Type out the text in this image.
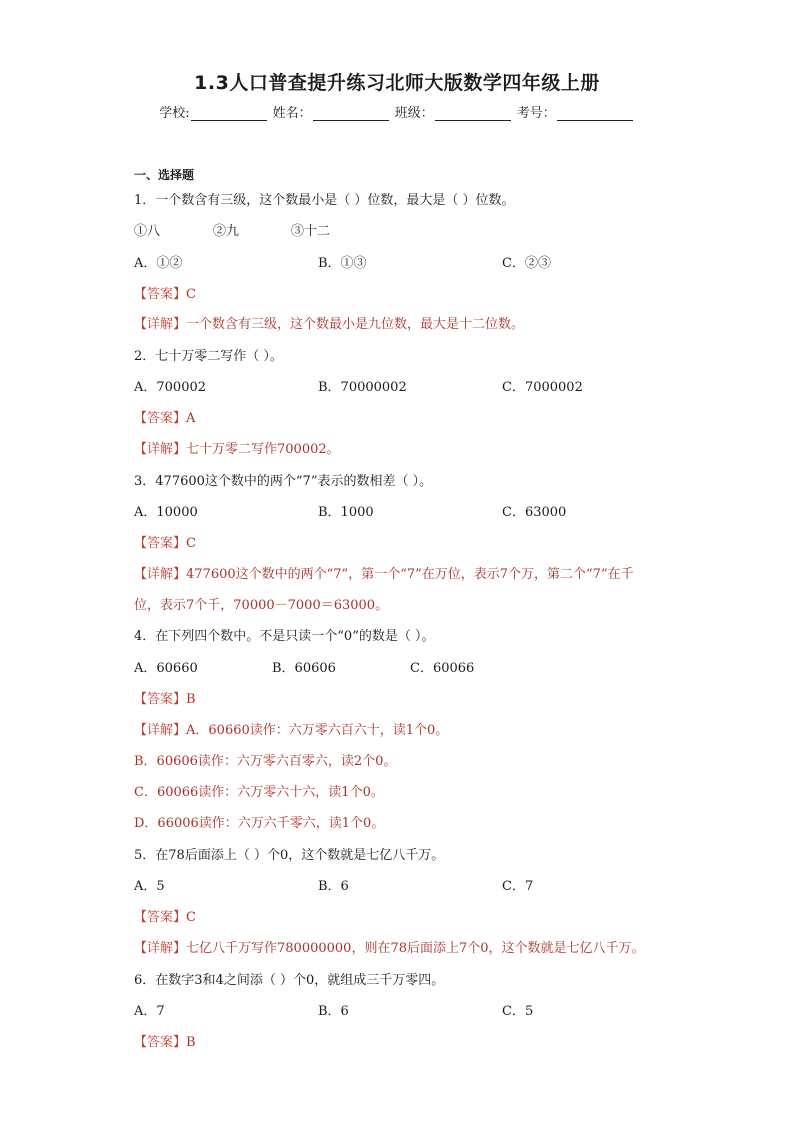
1.3人口普查提升练习北师大版数学四年级上册
学校:	姓名：	班级：	考号：
一、选择题
1．一个数含有三级，这个数最小是（ ）位数，最大是（ ）位数。
①八	②九	③十二
A．①②	B．①③	C．②③
【答案】C
【详解】一个数含有三级，这个数最小是九位数，最大是十二位数。
2．七十万零二写作（ ）。
A．700002	B．70000002	C．7000002
【答案】A
【详解】七十万零二写作700002。
3．477600这个数中的两个“7”表示的数相差（ ）。
A．10000	B．1000	C．63000
【答案】C
【详解】477600这个数中的两个“7”，第一个“7”在万位，表示7个万，第二个“7”在千
位，表示7个千，70000－7000＝63000。
4．在下列四个数中。不是只读一个“0”的数是（ ）。
A．60660	B．60606	C．60066
【答案】B
【详解】A．60660读作：六万零六百六十，读1个0。
B．60606读作：六万零六百零六，读2个0。
C．60066读作：六万零六十六，读1个0。
D．66006读作：六万六千零六，读1个0。
5．在78后面添上（ ）个0，这个数就是七亿八千万。
A．5	B．6	C．7
【答案】C
【详解】七亿八千万写作780000000，则在78后面添上7个0，这个数就是七亿八千万。
6．在数字3和4之间添（ ）个0，就组成三千万零四。
A．7	B．6	C．5
【答案】B
